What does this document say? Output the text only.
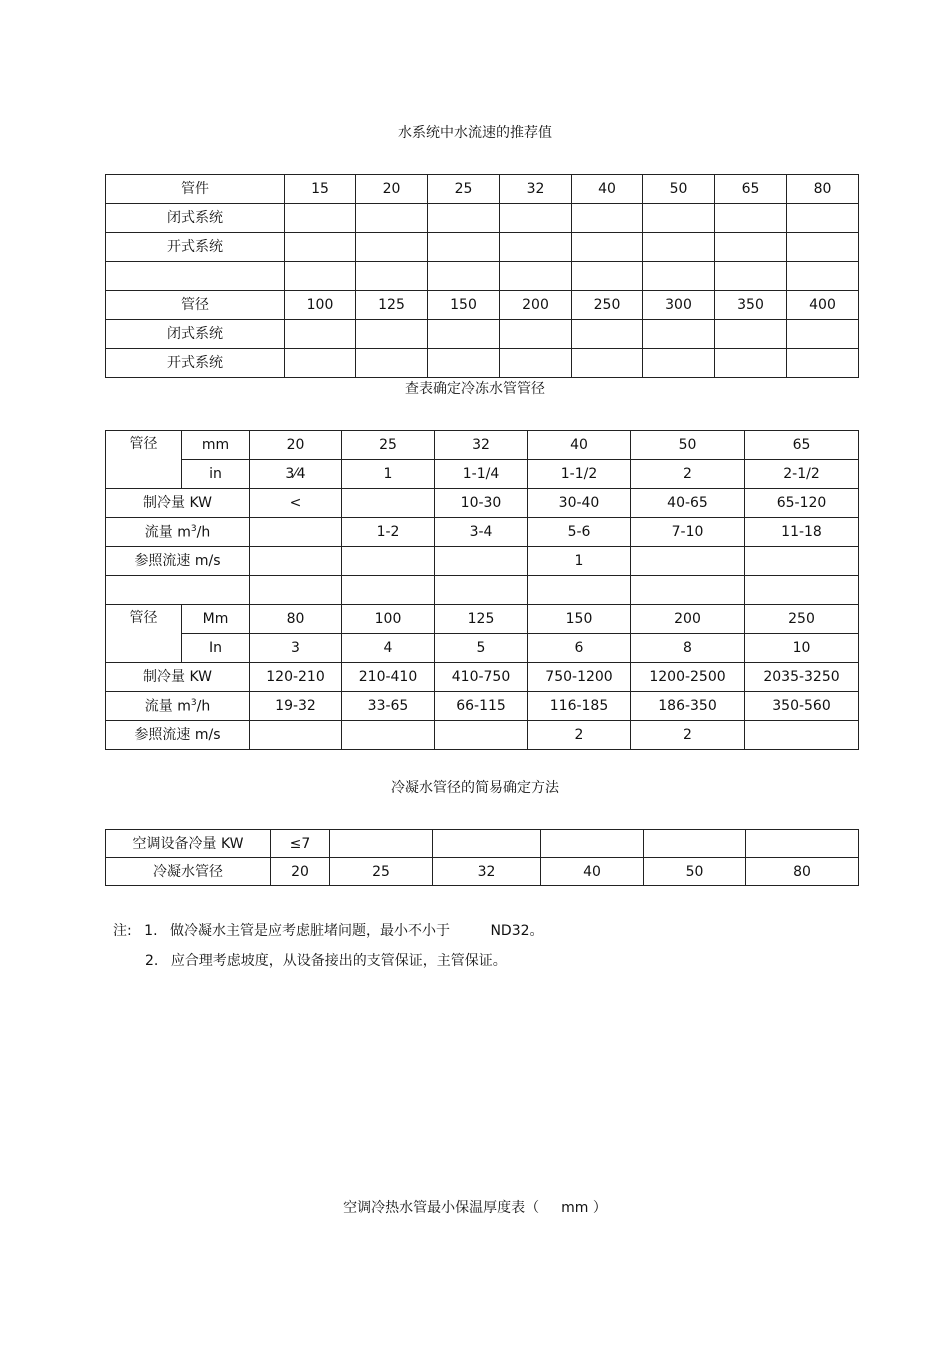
水系统中水流速的推荐值
管件	15	20	25	32	40	50	65	80
闭式系统								
开式系统								

管径	100	125	150	200	250	300	350	400
闭式系统								
开式系统								
查表确定冷冻水管管径
管径	mm	20	25	32	40	50	65
	in	3⁄4	1	1-1/4	1-1/2	2	2-1/2
制冷量 KW		<		10-30	30-40	40-65	65-120
流量 $m^3/h$			1-2	3-4	5-6	7-10	11-18
参照流速 m/s					1		

管径	Mm	80	100	125	150	200	250
	In	3	4	5	6	8	10
制冷量 KW		120-210	210-410	410-750	750-1200	1200-2500	2035-3250
流量 $m^3/h$		19-32	33-65	66-115	116-185	186-350	350-560
参照流速 m/s					2	2	
冷凝水管径的简易确定方法
空调设备冷量 KW	≤7					
冷凝水管径	20	25	32	40	50	80
注: 1. 做冷凝水主管是应考虑脏堵问题，最小不小于	ND32。
2. 应合理考虑坡度，从设备接出的支管保证，主管保证。
空调冷热水管最小保温厚度表（ mm ）
